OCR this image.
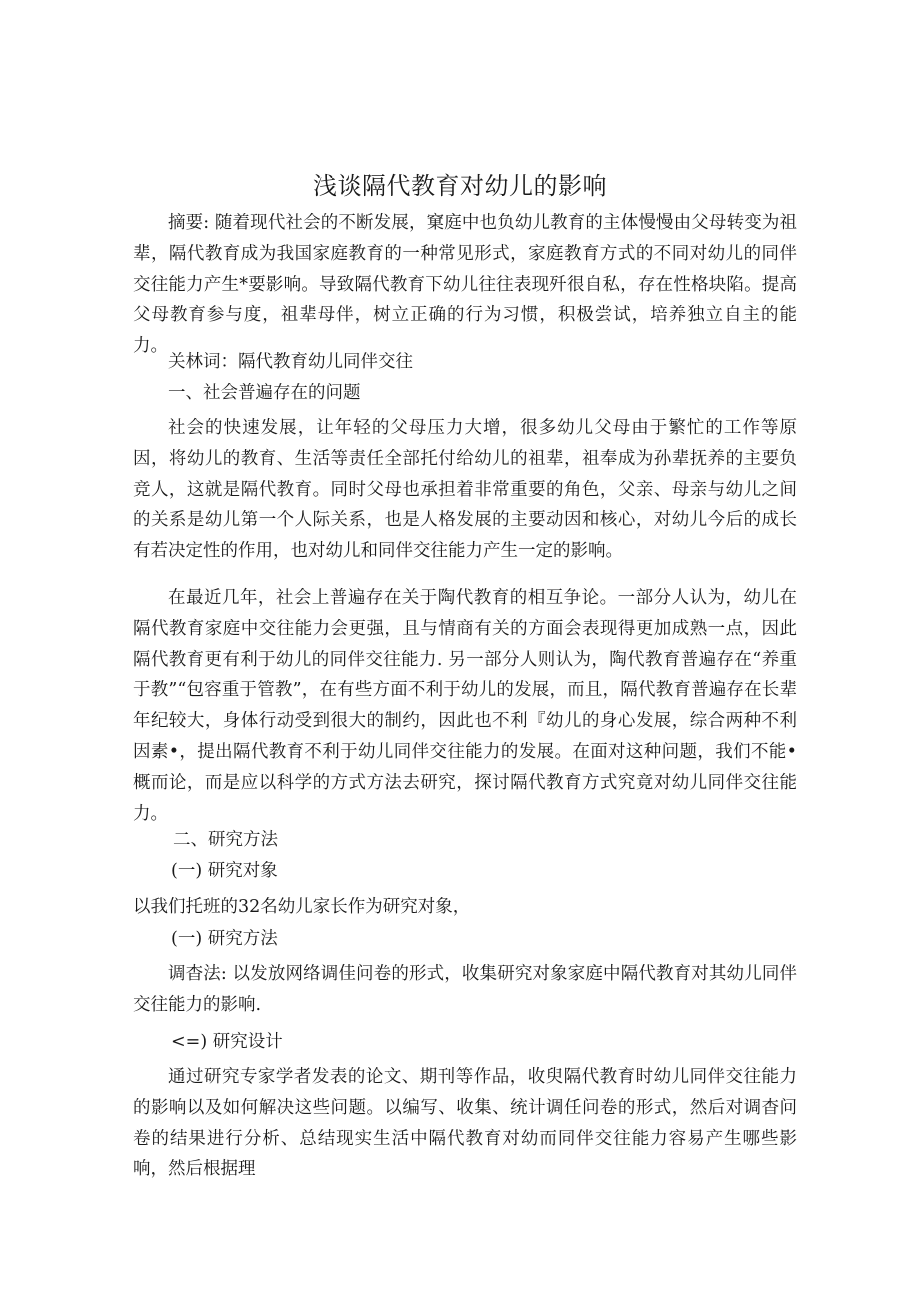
浅谈隔代教育对幼儿的影响

摘要: 随着现代社会的不断发展，窠庭中也负幼儿教育的主体慢慢由父母转变为祖辈，隔代教育成为我国家庭教育的一种常见形式，家庭教育方式的不同对幼儿的同伴交往能力产生*要影响。导致隔代教育下幼儿往往表现歼很自私，存在性格块陷。提高父母教育参与度，祖辈母伴，树立正确的行为习惯，积极尝试，培养独立自主的能力。

关林词：隔代教育幼儿同伴交往
一、社会普遍存在的问题

社会的快速发展，让年轻的父母压力大增，很多幼儿父母由于繁忙的工作等原因，将幼儿的教育、生活等责任全部托付给幼儿的祖辈，祖奉成为孙辈抚养的主要负竞人，这就是隔代教育。同时父母也承担着非常重要的角色，父亲、母亲与幼儿之间的关系是幼儿第一个人际关系，也是人格发展的主要动因和核心，对幼儿今后的成长有若决定性的作用，也对幼儿和同伴交往能力产生一定的影响。

在最近几年，社会上普遍存在关于陶代教育的相互争论。一部分人认为，幼儿在隔代教育家庭中交往能力会更强，且与情商有关的方面会表现得更加成熟一点，因此隔代教育更有利于幼儿的同伴交往能力. 另一部分人则认为，陶代教育普遍存在“养重于教”“包容重于管教”，在有些方面不利于幼儿的发展，而且，隔代教育普遍存在长辈年纪较大，身体行动受到很大的制约，因此也不利『幼儿的身心发展，综合两种不利因素•，提出隔代教育不利于幼儿同伴交往能力的发展。在面对这种问题，我们不能•概而论，而是应以科学的方式方法去研究，探讨隔代教育方式究竟对幼儿同伴交往能力。

二、研究方法
(一) 研究对象
以我们托班的32名幼儿家长作为研究对象，
(一) 研究方法

调杳法: 以发放网络调佳问卷的形式，收集研究对象家庭中隔代教育对其幼儿同伴交往能力的影响.

<=) 研究设计

通过研究专家学者发表的论文、期刊等作品，收臾隔代教育时幼儿同伴交往能力的影响以及如何解决这些问题。以编写、收集、统计调任问卷的形式，然后对调杳问卷的结果进行分析、总结现实生活中隔代教育对幼而同伴交往能力容易产生哪些影响，然后根据理
